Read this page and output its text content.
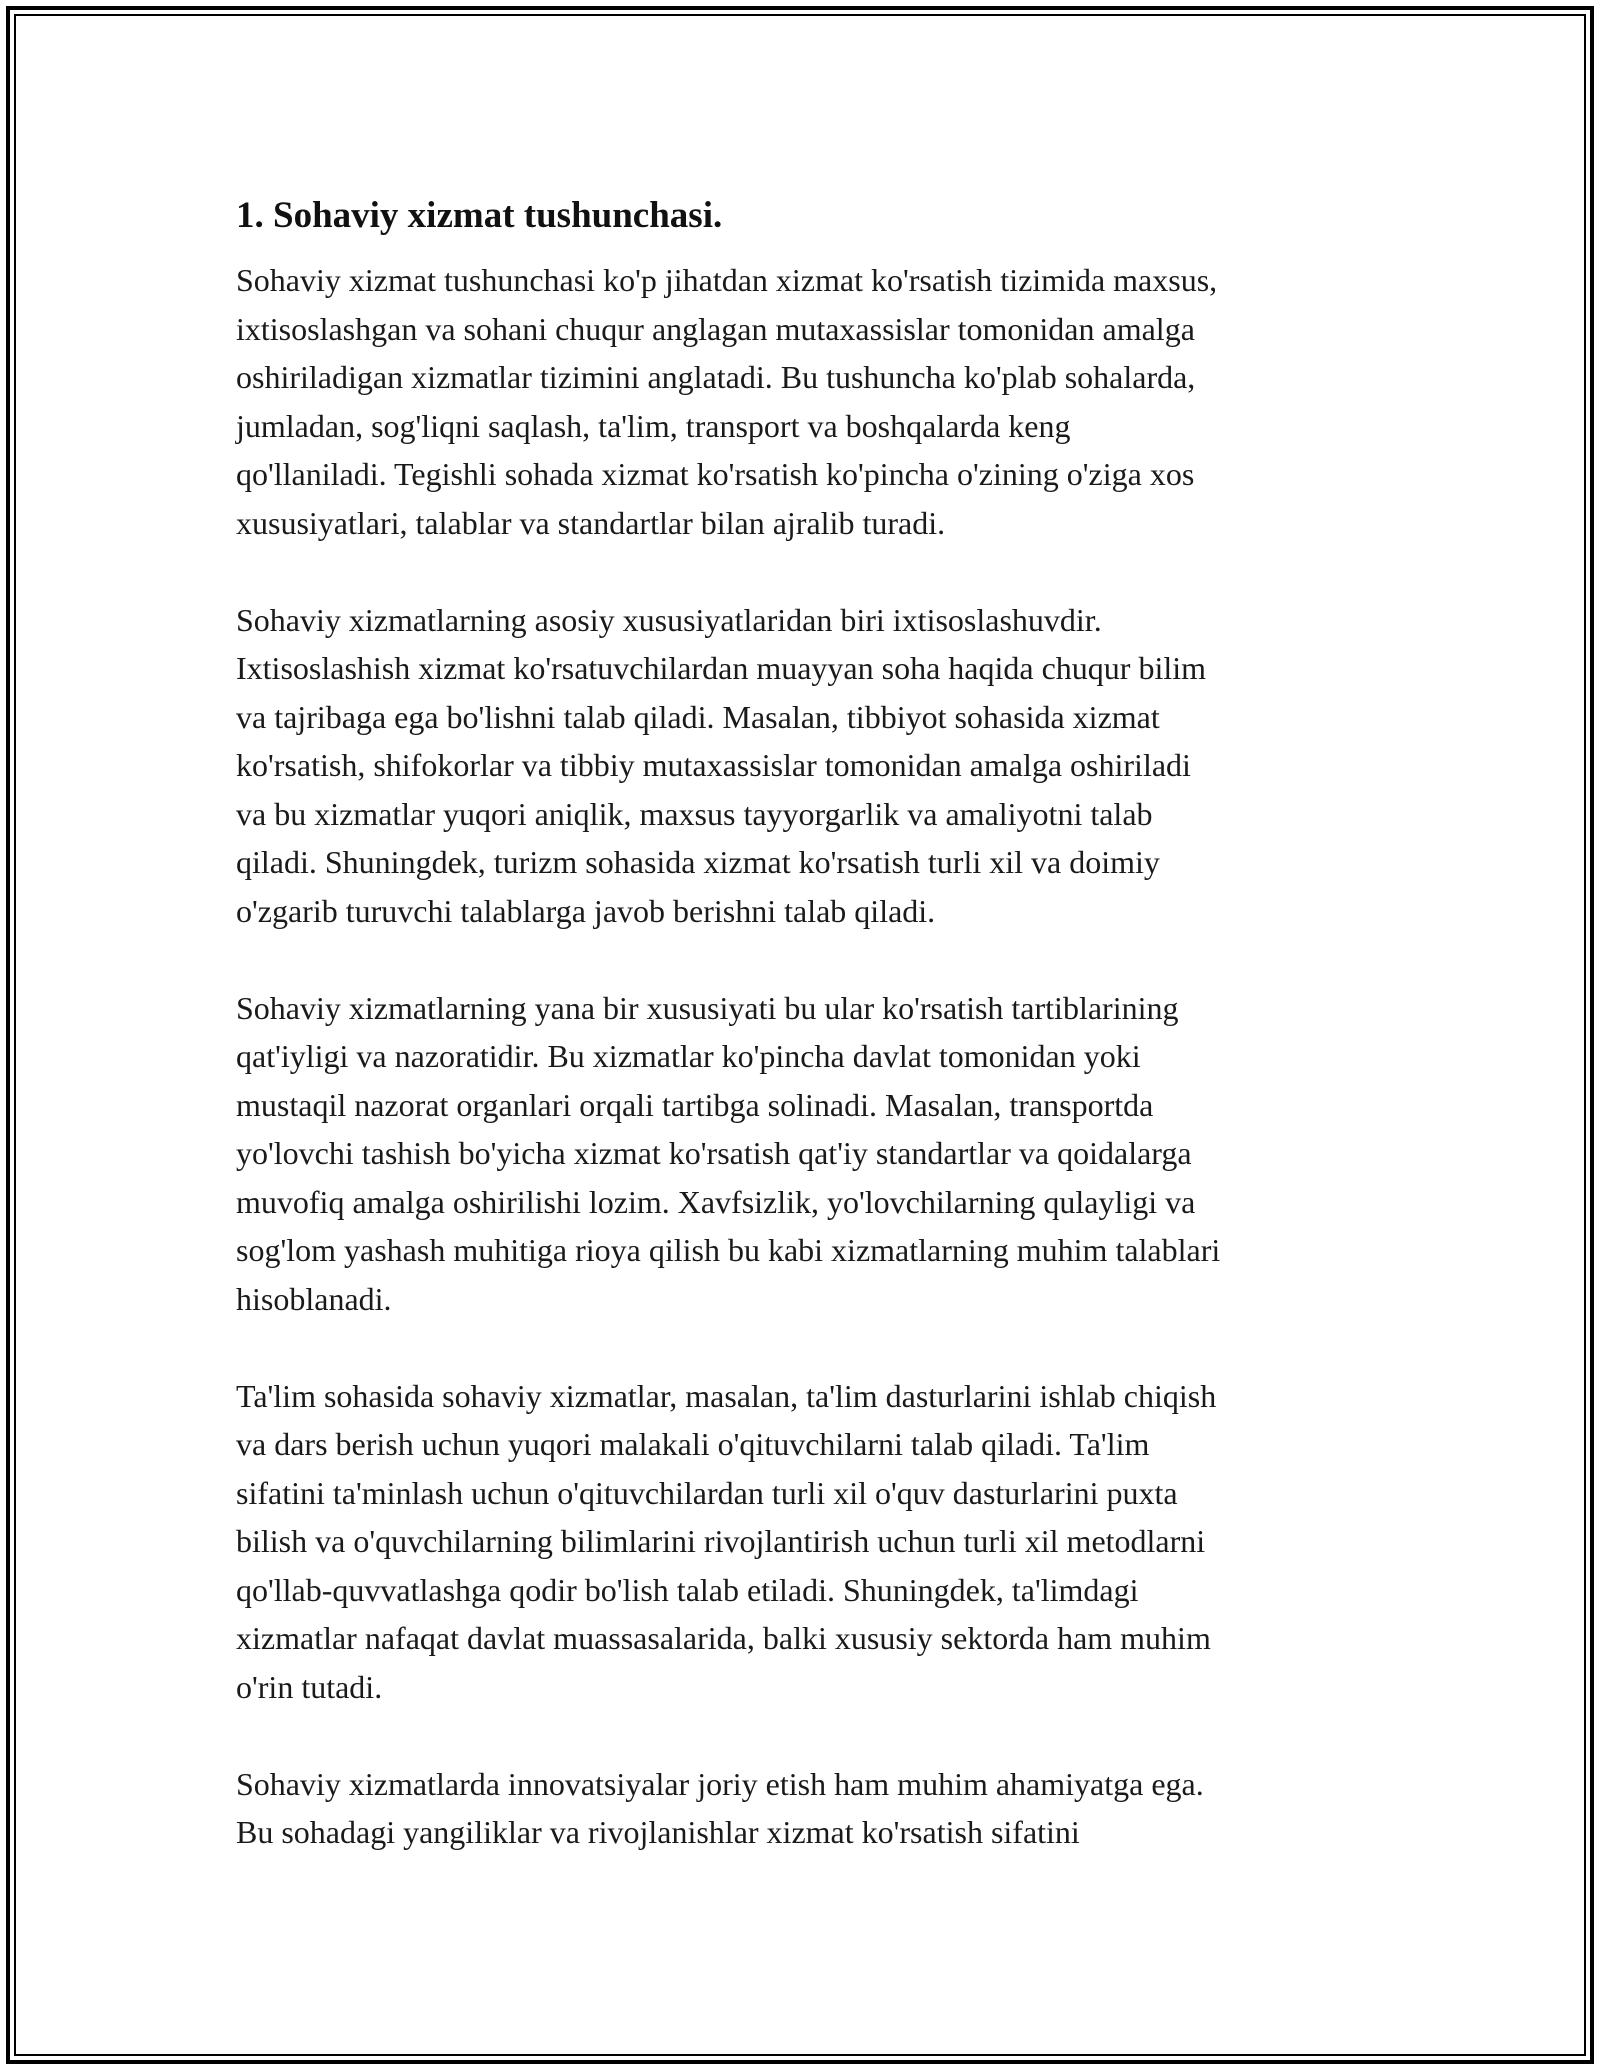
1. Sohaviy xizmat tushunchasi.

Sohaviy xizmat tushunchasi ko'p jihatdan xizmat ko'rsatish tizimida maxsus,
ixtisoslashgan va sohani chuqur anglagan mutaxassislar tomonidan amalga
oshiriladigan xizmatlar tizimini anglatadi. Bu tushuncha ko'plab sohalarda,
jumladan, sog'liqni saqlash, ta'lim, transport va boshqalarda keng
qo'llaniladi. Tegishli sohada xizmat ko'rsatish ko'pincha o'zining o'ziga xos
xususiyatlari, talablar va standartlar bilan ajralib turadi.

Sohaviy xizmatlarning asosiy xususiyatlaridan biri ixtisoslashuvdir.
Ixtisoslashish xizmat ko'rsatuvchilardan muayyan soha haqida chuqur bilim
va tajribaga ega bo'lishni talab qiladi. Masalan, tibbiyot sohasida xizmat
ko'rsatish, shifokorlar va tibbiy mutaxassislar tomonidan amalga oshiriladi
va bu xizmatlar yuqori aniqlik, maxsus tayyorgarlik va amaliyotni talab
qiladi. Shuningdek, turizm sohasida xizmat ko'rsatish turli xil va doimiy
o'zgarib turuvchi talablarga javob berishni talab qiladi.

Sohaviy xizmatlarning yana bir xususiyati bu ular ko'rsatish tartiblarining
qat'iyligi va nazoratidir. Bu xizmatlar ko'pincha davlat tomonidan yoki
mustaqil nazorat organlari orqali tartibga solinadi. Masalan, transportda
yo'lovchi tashish bo'yicha xizmat ko'rsatish qat'iy standartlar va qoidalarga
muvofiq amalga oshirilishi lozim. Xavfsizlik, yo'lovchilarning qulayligi va
sog'lom yashash muhitiga rioya qilish bu kabi xizmatlarning muhim talablari
hisoblanadi.

Ta'lim sohasida sohaviy xizmatlar, masalan, ta'lim dasturlarini ishlab chiqish
va dars berish uchun yuqori malakali o'qituvchilarni talab qiladi. Ta'lim
sifatini ta'minlash uchun o'qituvchilardan turli xil o'quv dasturlarini puxta
bilish va o'quvchilarning bilimlarini rivojlantirish uchun turli xil metodlarni
qo'llab-quvvatlashga qodir bo'lish talab etiladi. Shuningdek, ta'limdagi
xizmatlar nafaqat davlat muassasalarida, balki xususiy sektorda ham muhim
o'rin tutadi.

Sohaviy xizmatlarda innovatsiyalar joriy etish ham muhim ahamiyatga ega.
Bu sohadagi yangiliklar va rivojlanishlar xizmat ko'rsatish sifatini
